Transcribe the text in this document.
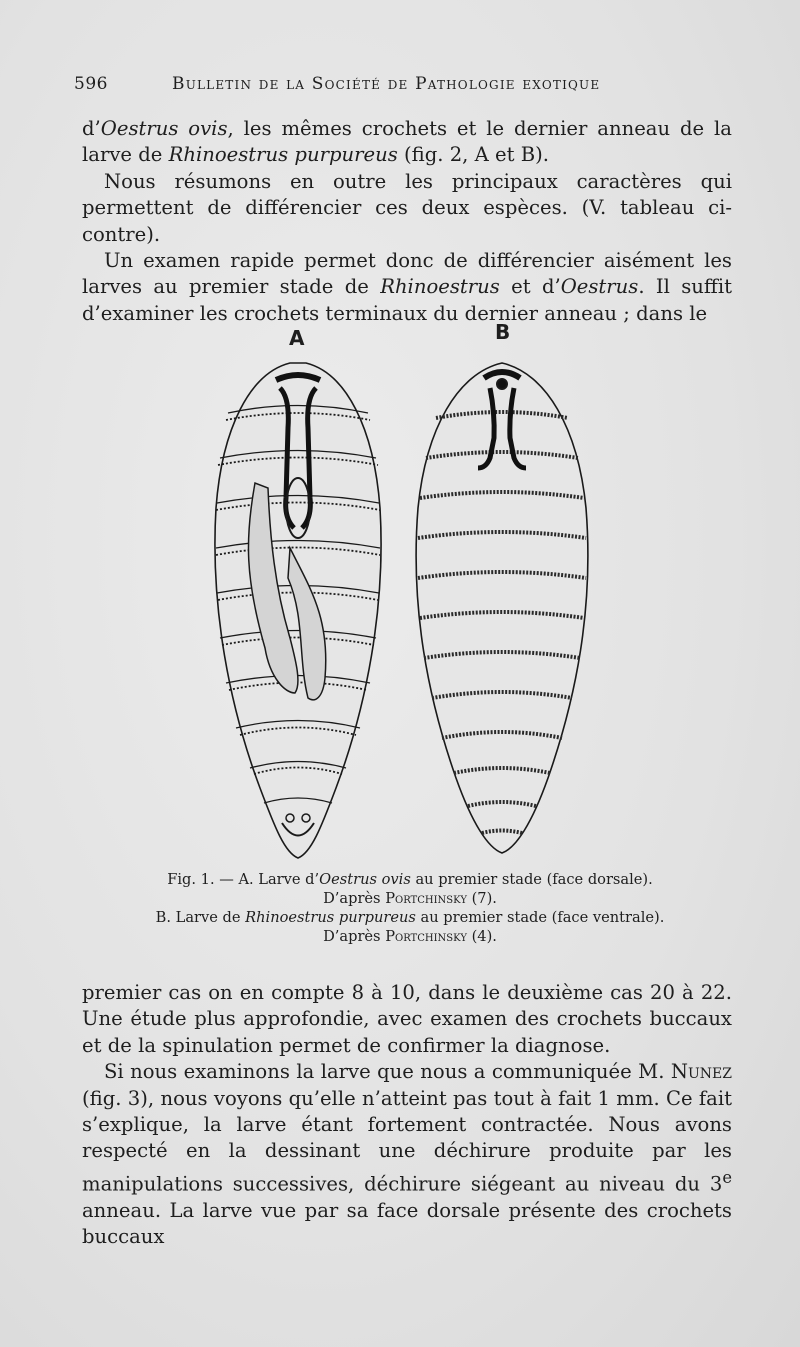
596	Bulletin de la Société de Pathologie exotique

d’Oestrus ovis, les mêmes crochets et le dernier anneau de la larve de Rhinoestrus purpureus (fig. 2, A et B).

Nous résumons en outre les principaux caractères qui permettent de différencier ces deux espèces. (V. tableau ci-contre).

Un examen rapide permet donc de différencier aisément les larves au premier stade de Rhinoestrus et d’Oestrus. Il suffit d’examiner les crochets terminaux du dernier anneau ; dans le

A	B

Fig. 1. — A. Larve d’Oestrus ovis au premier stade (face dorsale).

D’après Portchinsky (7).

B. Larve de Rhinoestrus purpureus au premier stade (face ventrale).

D’après Portchinsky (4).

premier cas on en compte 8 à 10, dans le deuxième cas 20 à 22. Une étude plus approfondie, avec examen des crochets buccaux et de la spinulation permet de confirmer la diagnose.

Si nous examinons la larve que nous a communiquée M. Nunez (fig. 3), nous voyons qu’elle n’atteint pas tout à fait 1 mm. Ce fait s’explique, la larve étant fortement contractée. Nous avons respecté en la dessinant une déchirure produite par les manipulations successives, déchirure siégeant au niveau du 3e anneau. La larve vue par sa face dorsale présente des crochets buccaux
